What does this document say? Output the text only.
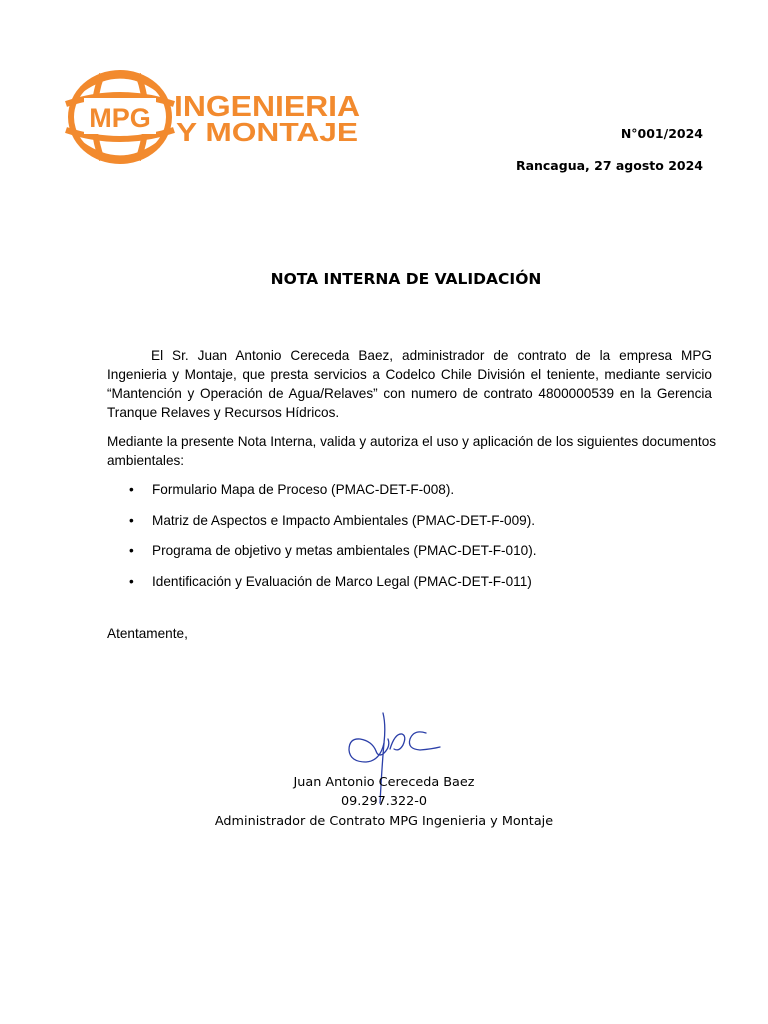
MPG INGENIERIA
Y MONTAJE	N°001/2024
Rancagua, 27 agosto 2024
NOTA INTERNA DE VALIDACIÓN

El Sr. Juan Antonio Cereceda Baez, administrador de contrato de la empresa MPG Ingenieria y Montaje, que presta servicios a Codelco Chile División el teniente, mediante servicio “Mantención y Operación de Agua/Relaves” con numero de contrato 4800000539 en la Gerencia Tranque Relaves y Recursos Hídricos.

Mediante la presente Nota Interna, valida y autoriza el uso y aplicación de los siguientes documentos ambientales:

• Formulario Mapa de Proceso (PMAC-DET-F-008).
• Matriz de Aspectos e Impacto Ambientales (PMAC-DET-F-009).
• Programa de objetivo y metas ambientales (PMAC-DET-F-010).
• Identificación y Evaluación de Marco Legal (PMAC-DET-F-011)
Atentamente,
Juan Antonio Cereceda Baez
09.297.322-0
Administrador de Contrato MPG Ingenieria y Montaje
